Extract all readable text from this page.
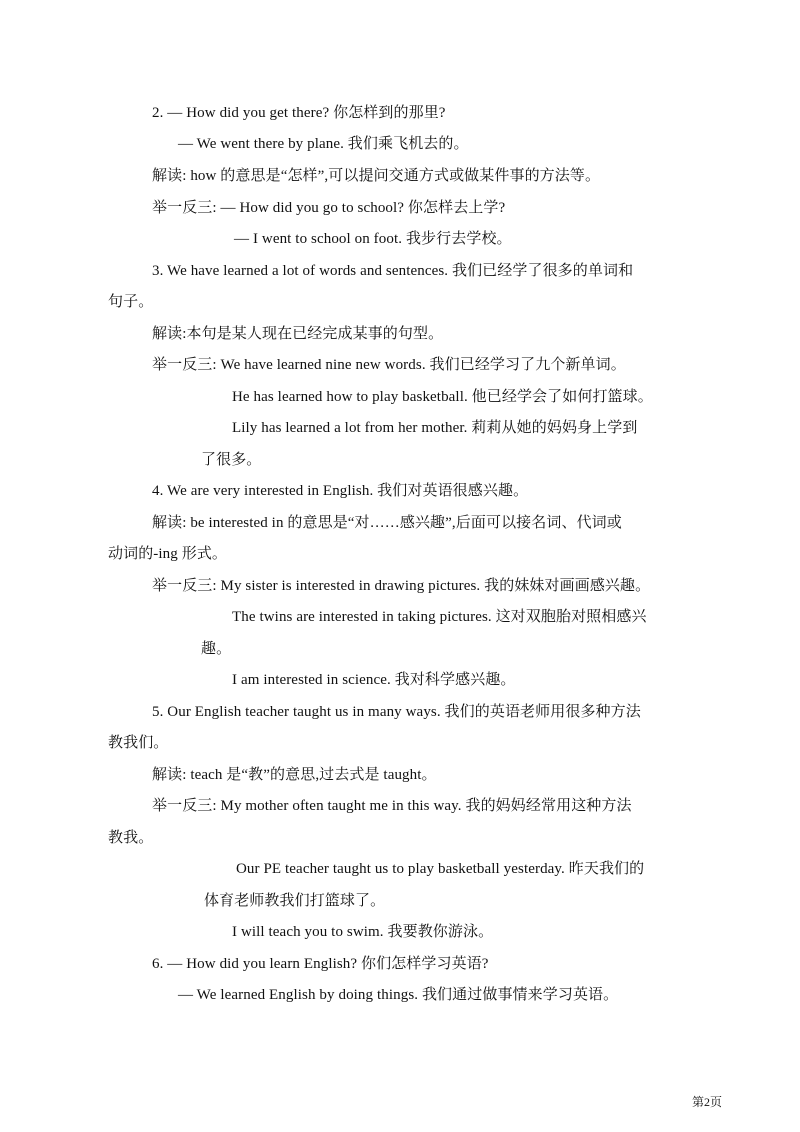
2. — How did you get there? 你怎样到的那里?
— We went there by plane. 我们乘飞机去的。
解读: how 的意思是“怎样”,可以提问交通方式或做某件事的方法等。
举一反三: — How did you go to school? 你怎样去上学?
— I went to school on foot. 我步行去学校。
3. We have learned a lot of words and sentences. 我们已经学了很多的单词和
句子。
解读:本句是某人现在已经完成某事的句型。
举一反三: We have learned nine new words. 我们已经学习了九个新单词。
He has learned how to play basketball. 他已经学会了如何打篮球。
Lily has learned a lot from her mother. 莉莉从她的妈妈身上学到
了很多。
4. We are very interested in English. 我们对英语很感兴趣。
解读: be interested in 的意思是“对……感兴趣”,后面可以接名词、代词或
动词的-ing 形式。
举一反三: My sister is interested in drawing pictures. 我的妹妹对画画感兴趣。
The twins are interested in taking pictures. 这对双胞胎对照相感兴
趣。
I am interested in science. 我对科学感兴趣。
5. Our English teacher taught us in many ways. 我们的英语老师用很多种方法
教我们。
解读: teach 是“教”的意思,过去式是 taught。
举一反三: My mother often taught me in this way. 我的妈妈经常用这种方法
教我。
Our PE teacher taught us to play basketball yesterday. 昨天我们的
体育老师教我们打篮球了。
I will teach you to swim. 我要教你游泳。
6. — How did you learn English? 你们怎样学习英语?
— We learned English by doing things. 我们通过做事情来学习英语。
第2页
